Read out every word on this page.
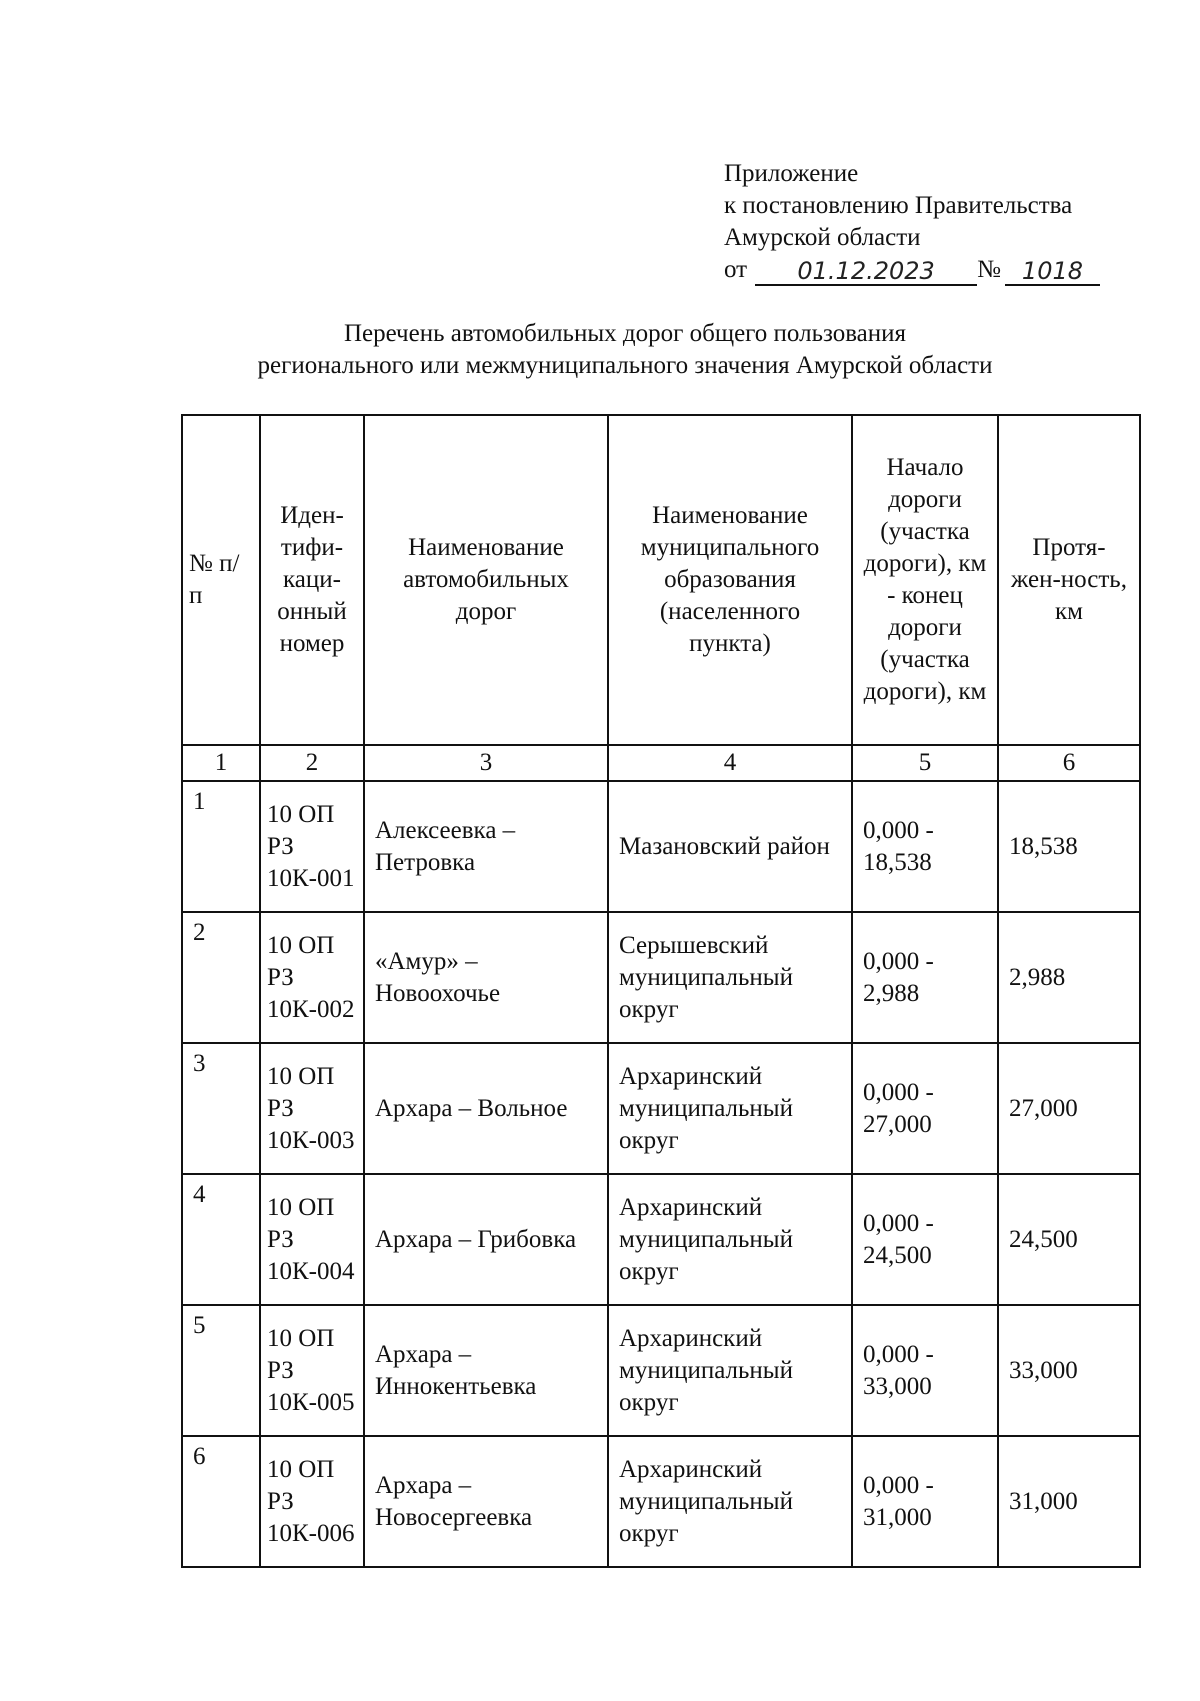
Приложение
к постановлению Правительства
Амурской области
от	01.12.2023	№ 1018
Перечень автомобильных дорог общего пользования
регионального или межмуниципального значения Амурской области
№ п/п	Иден-тифи-каци-онный номер	Наименование автомобильных дорог	Наименование муниципального образования (населенного пункта)	Начало дороги (участка дороги), км - конец дороги (участка дороги), км	Протя-жен-ность, км
1	2	3	4	5	6
1	10 ОП РЗ 10К-001	Алексеевка – Петровка	Мазановский район	0,000 - 18,538	18,538
2	10 ОП РЗ 10К-002	«Амур» – Новоохочье	Серышевский муниципальный округ	0,000 - 2,988	2,988
3	10 ОП РЗ 10К-003	Архара – Вольное	Архаринский муниципальный округ	0,000 - 27,000	27,000
4	10 ОП РЗ 10К-004	Архара – Грибовка	Архаринский муниципальный округ	0,000 - 24,500	24,500
5	10 ОП РЗ 10К-005	Архара – Иннокентьевка	Архаринский муниципальный округ	0,000 - 33,000	33,000
6	10 ОП РЗ 10К-006	Архара – Новосергеевка	Архаринский муниципальный округ	0,000 - 31,000	31,000
